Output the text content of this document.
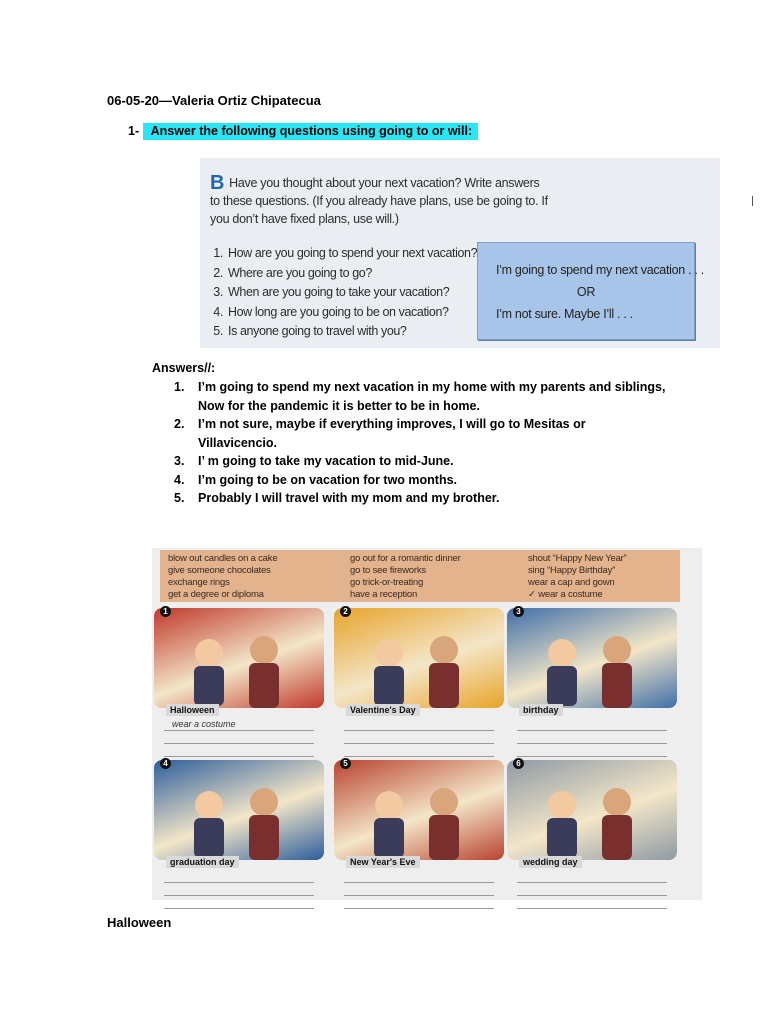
06-05-20—Valeria Ortiz Chipatecua
1- Answer the following questions using going to or will:
B Have you thought about your next vacation? Write answers to these questions. (If you already have plans, use be going to. If you don’t have fixed plans, use will.)
1. How are you going to spend your next vacation?
2. Where are you going to go?
3. When are you going to take your vacation?
4. How long are you going to be on vacation?
5. Is anyone going to travel with you?
I’m going to spend my next vacation . . .
OR
I’m not sure. Maybe I’ll . . .
Answers//:
1. I’m going to spend my next vacation in my home with my parents and siblings, Now for the pandemic it is better to be in home.
2. I’m not sure, maybe if everything improves, I will go to Mesitas or Villavicencio.
3. I’ m going to take my vacation to mid-June.
4. I’m going to be on vacation for two months.
5. Probably I will travel with my mom and my brother.
blow out candles on a cake
give someone chocolates
exchange rings
get a degree or diploma
go out for a romantic dinner
go to see fireworks
go trick-or-treating
have a reception
shout “Happy New Year”
sing “Happy Birthday”
wear a cap and gown
✓ wear a costume
1
Halloween
wear a costume
2
Valentine's Day
3
birthday
4
graduation day
5
New Year's Eve
6
wedding day
Halloween
